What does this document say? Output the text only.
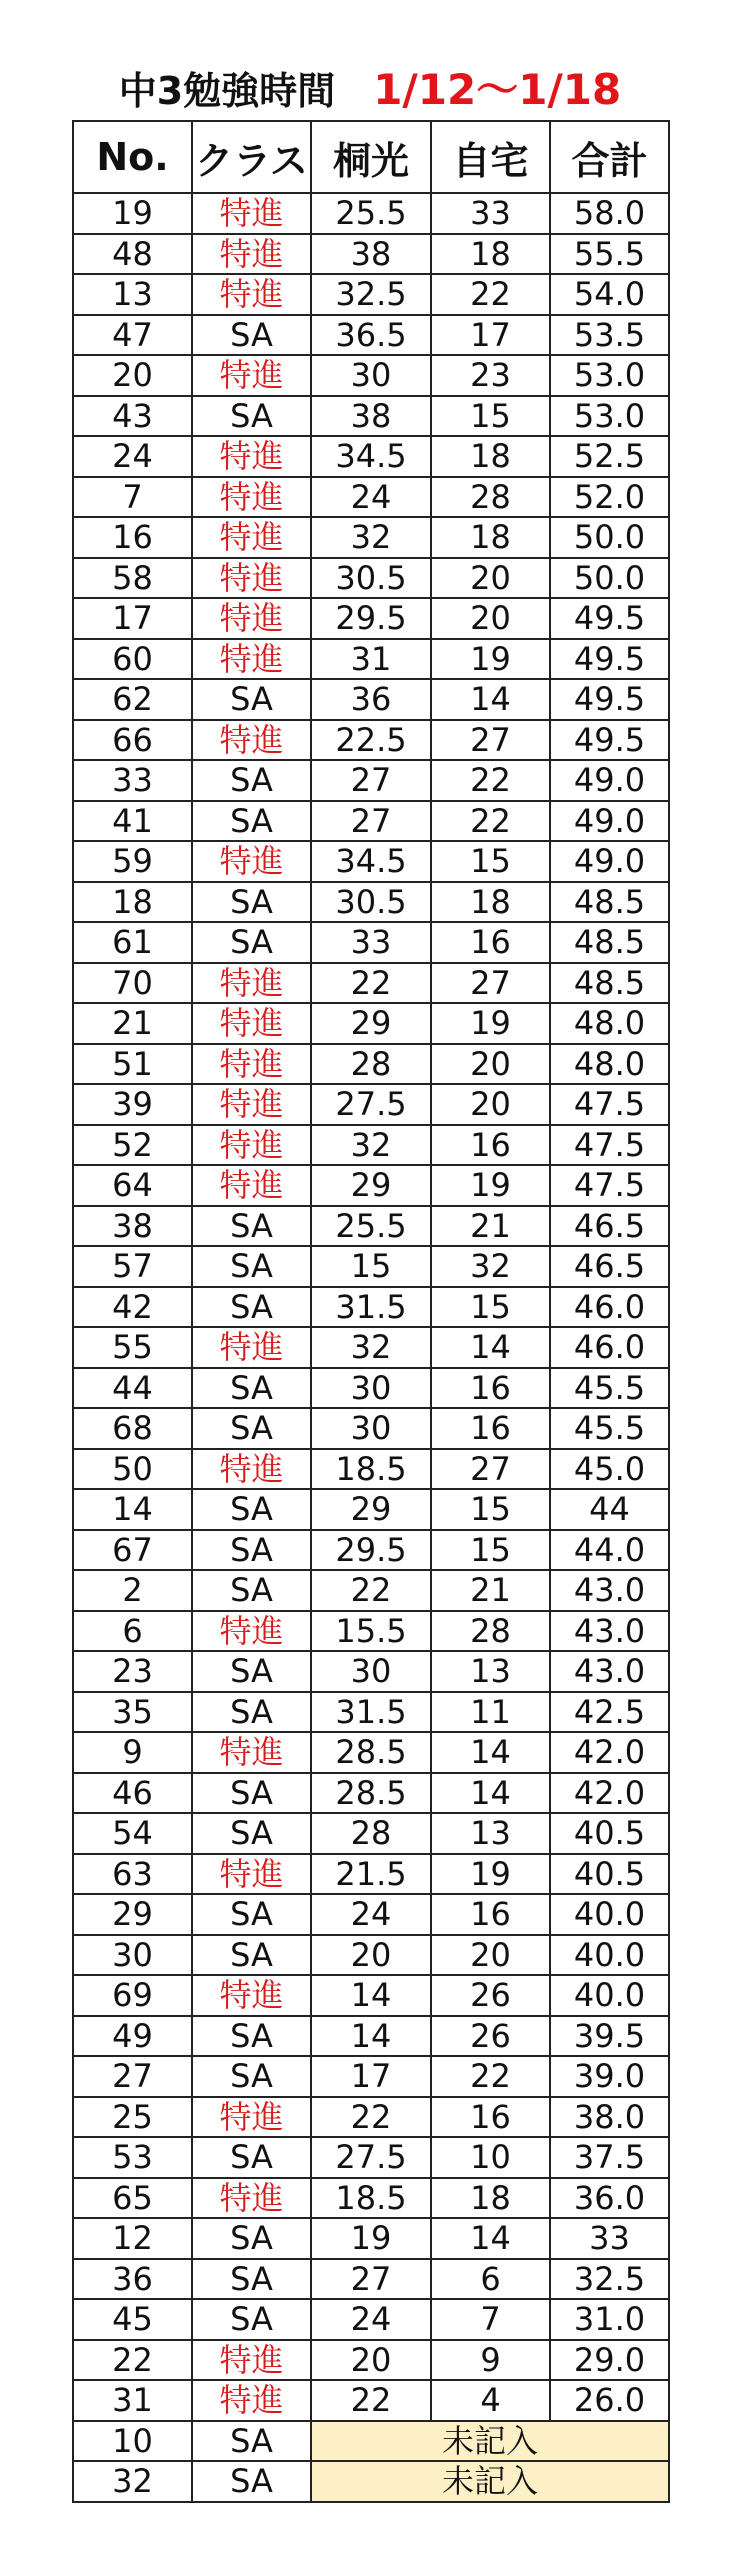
中3勉強時間 1/12〜1/18
No.	クラス	桐光	自宅	合計
19	特進	25.5	33	58.0
48	特進	38	18	55.5
13	特進	32.5	22	54.0
47	SA	36.5	17	53.5
20	特進	30	23	53.0
43	SA	38	15	53.0
24	特進	34.5	18	52.5
7	特進	24	28	52.0
16	特進	32	18	50.0
58	特進	30.5	20	50.0
17	特進	29.5	20	49.5
60	特進	31	19	49.5
62	SA	36	14	49.5
66	特進	22.5	27	49.5
33	SA	27	22	49.0
41	SA	27	22	49.0
59	特進	34.5	15	49.0
18	SA	30.5	18	48.5
61	SA	33	16	48.5
70	特進	22	27	48.5
21	特進	29	19	48.0
51	特進	28	20	48.0
39	特進	27.5	20	47.5
52	特進	32	16	47.5
64	特進	29	19	47.5
38	SA	25.5	21	46.5
57	SA	15	32	46.5
42	SA	31.5	15	46.0
55	特進	32	14	46.0
44	SA	30	16	45.5
68	SA	30	16	45.5
50	特進	18.5	27	45.0
14	SA	29	15	44
67	SA	29.5	15	44.0
2	SA	22	21	43.0
6	特進	15.5	28	43.0
23	SA	30	13	43.0
35	SA	31.5	11	42.5
9	特進	28.5	14	42.0
46	SA	28.5	14	42.0
54	SA	28	13	40.5
63	特進	21.5	19	40.5
29	SA	24	16	40.0
30	SA	20	20	40.0
69	特進	14	26	40.0
49	SA	14	26	39.5
27	SA	17	22	39.0
25	特進	22	16	38.0
53	SA	27.5	10	37.5
65	特進	18.5	18	36.0
12	SA	19	14	33
36	SA	27	6	32.5
45	SA	24	7	31.0
22	特進	20	9	29.0
31	特進	22	4	26.0
10	SA	未記入		
32	SA	未記入		
